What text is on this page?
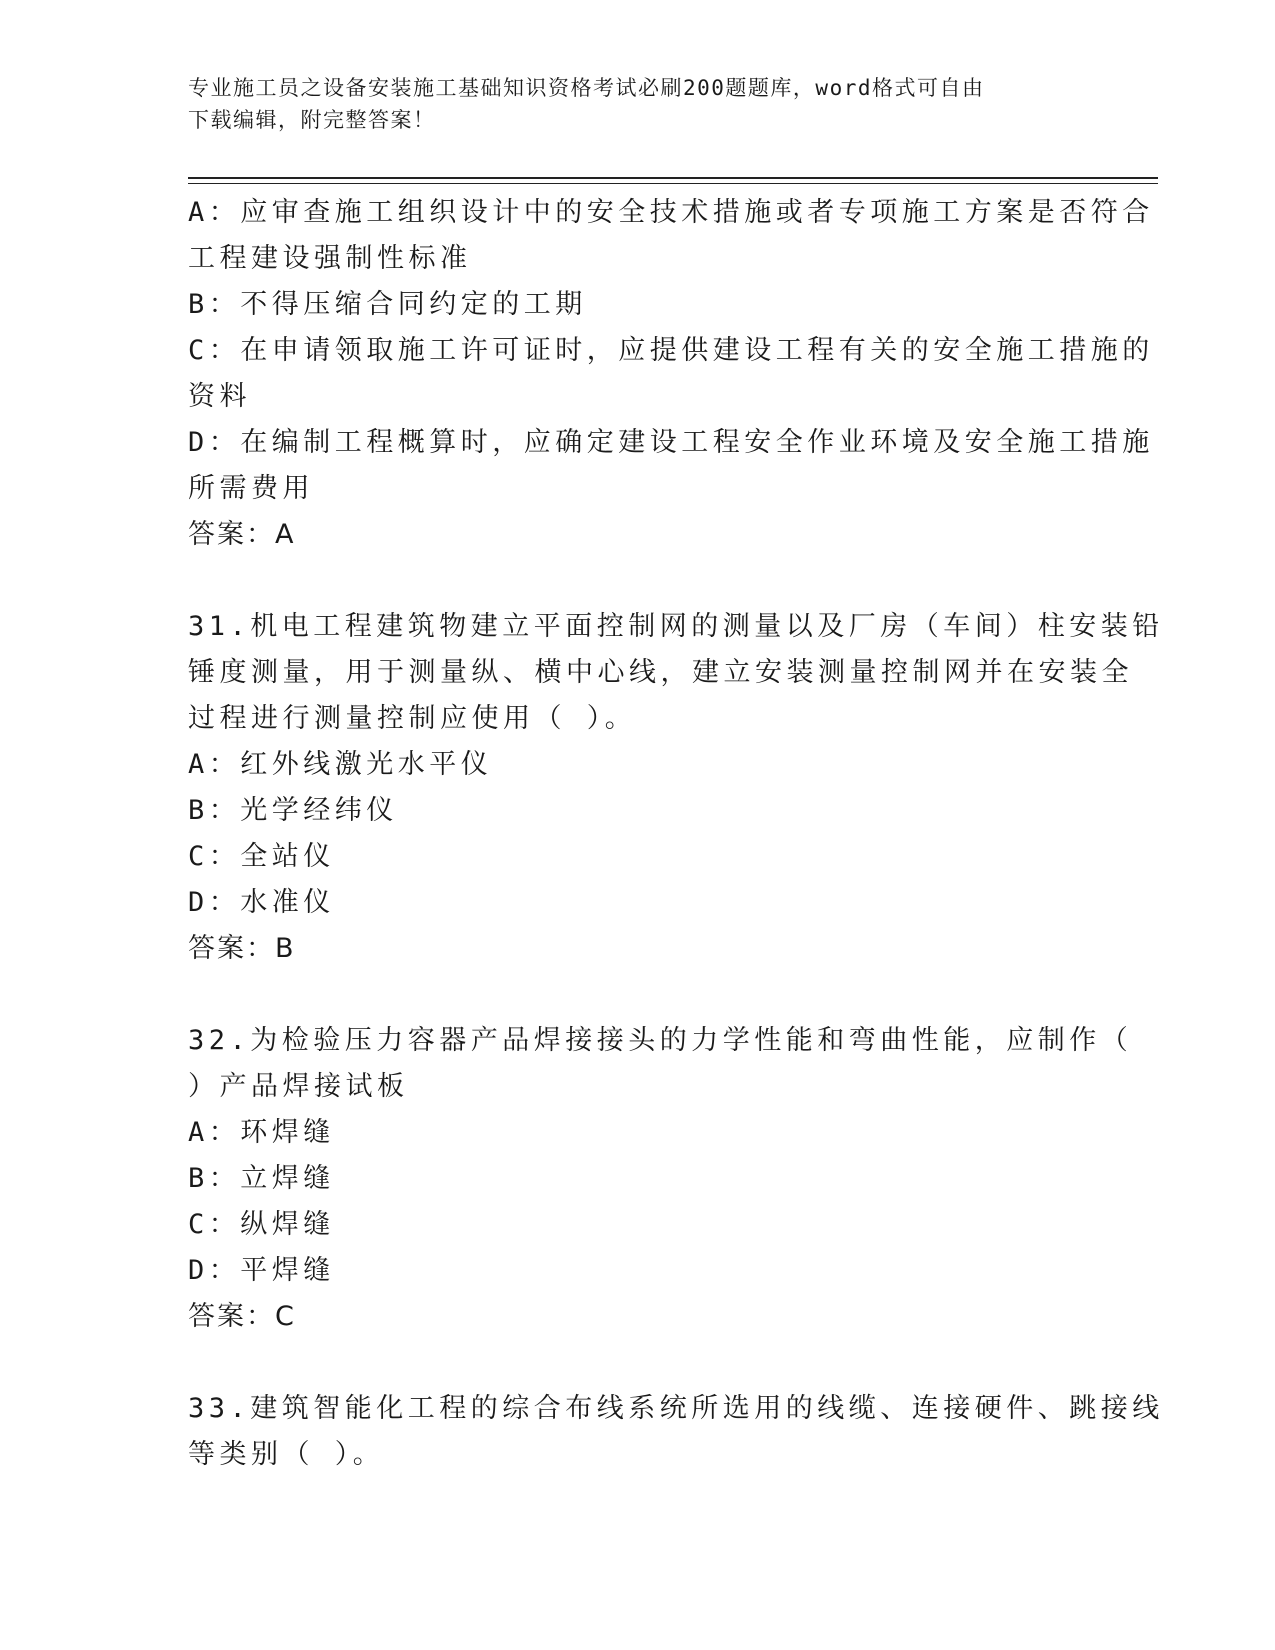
专业施工员之设备安装施工基础知识资格考试必刷200题题库，word格式可自由
下载编辑，附完整答案！
A：应审查施工组织设计中的安全技术措施或者专项施工方案是否符合
工程建设强制性标准
B：不得压缩合同约定的工期
C：在申请领取施工许可证时，应提供建设工程有关的安全施工措施的
资料
D：在编制工程概算时，应确定建设工程安全作业环境及安全施工措施
所需费用
答案：A
31.机电工程建筑物建立平面控制网的测量以及厂房（车间）柱安装铅
锤度测量，用于测量纵、横中心线，建立安装测量控制网并在安装全
过程进行测量控制应使用（ ）。
A：红外线激光水平仪
B：光学经纬仪
C：全站仪
D：水准仪
答案：B
32.为检验压力容器产品焊接接头的力学性能和弯曲性能，应制作（
）产品焊接试板
A：环焊缝
B：立焊缝
C：纵焊缝
D：平焊缝
答案：C
33.建筑智能化工程的综合布线系统所选用的线缆、连接硬件、跳接线
等类别（ ）。
